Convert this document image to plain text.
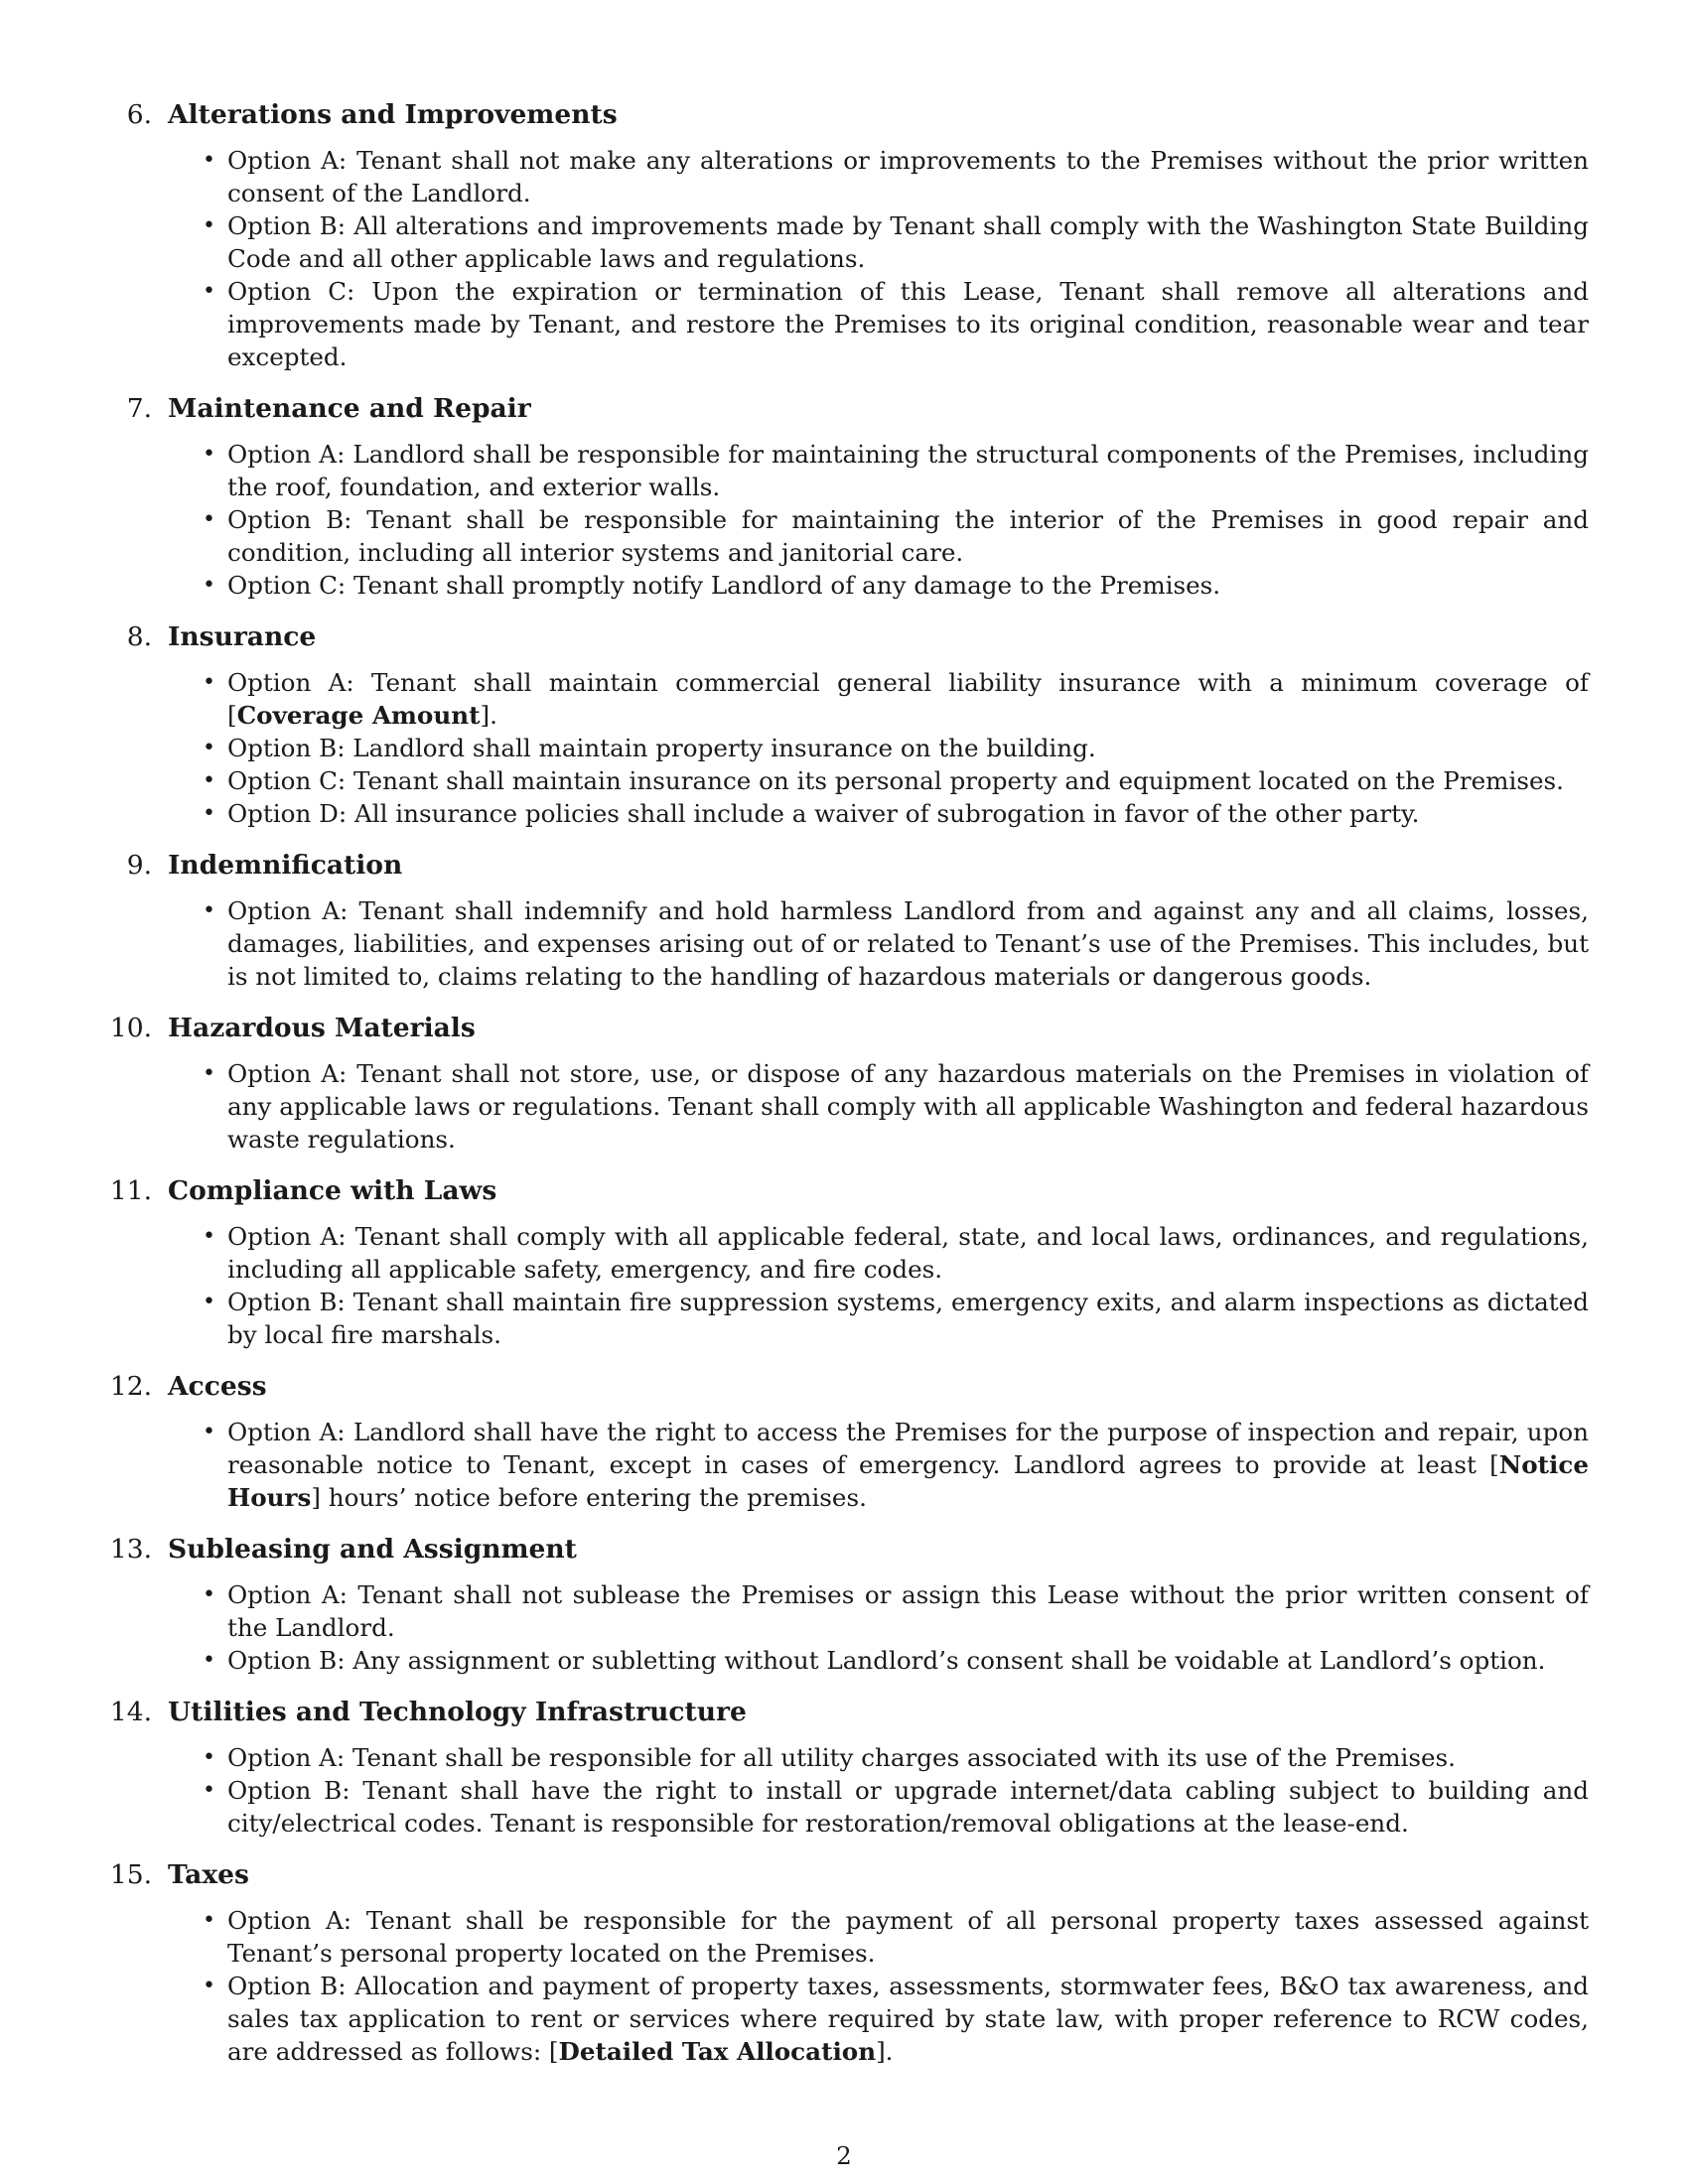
6. Alterations and Improvements
• Option A: Tenant shall not make any alterations or improvements to the Premises without the prior written consent of the Landlord.
• Option B: All alterations and improvements made by Tenant shall comply with the Washington State Building Code and all other applicable laws and regulations.
• Option C: Upon the expiration or termination of this Lease, Tenant shall remove all alterations and improvements made by Tenant, and restore the Premises to its original condition, reasonable wear and tear excepted.
7. Maintenance and Repair
• Option A: Landlord shall be responsible for maintaining the structural components of the Premises, including the roof, foundation, and exterior walls.
• Option B: Tenant shall be responsible for maintaining the interior of the Premises in good repair and condition, including all interior systems and janitorial care.
• Option C: Tenant shall promptly notify Landlord of any damage to the Premises.
8. Insurance
• Option A: Tenant shall maintain commercial general liability insurance with a minimum coverage of [Coverage Amount].
• Option B: Landlord shall maintain property insurance on the building.
• Option C: Tenant shall maintain insurance on its personal property and equipment located on the Premises.
• Option D: All insurance policies shall include a waiver of subrogation in favor of the other party.
9. Indemnification
• Option A: Tenant shall indemnify and hold harmless Landlord from and against any and all claims, losses, damages, liabilities, and expenses arising out of or related to Tenant’s use of the Premises. This includes, but is not limited to, claims relating to the handling of hazardous materials or dangerous goods.
10. Hazardous Materials
• Option A: Tenant shall not store, use, or dispose of any hazardous materials on the Premises in violation of any applicable laws or regulations. Tenant shall comply with all applicable Washington and federal hazardous waste regulations.
11. Compliance with Laws
• Option A: Tenant shall comply with all applicable federal, state, and local laws, ordinances, and regulations, including all applicable safety, emergency, and fire codes.
• Option B: Tenant shall maintain fire suppression systems, emergency exits, and alarm inspections as dictated by local fire marshals.
12. Access
• Option A: Landlord shall have the right to access the Premises for the purpose of inspection and repair, upon reasonable notice to Tenant, except in cases of emergency. Landlord agrees to provide at least [Notice Hours] hours’ notice before entering the premises.
13. Subleasing and Assignment
• Option A: Tenant shall not sublease the Premises or assign this Lease without the prior written consent of the Landlord.
• Option B: Any assignment or subletting without Landlord’s consent shall be voidable at Landlord’s option.
14. Utilities and Technology Infrastructure
• Option A: Tenant shall be responsible for all utility charges associated with its use of the Premises.
• Option B: Tenant shall have the right to install or upgrade internet/data cabling subject to building and city/electrical codes. Tenant is responsible for restoration/removal obligations at the lease-end.
15. Taxes
• Option A: Tenant shall be responsible for the payment of all personal property taxes assessed against Tenant’s personal property located on the Premises.
• Option B: Allocation and payment of property taxes, assessments, stormwater fees, B&O tax awareness, and sales tax application to rent or services where required by state law, with proper reference to RCW codes, are addressed as follows: [Detailed Tax Allocation].
2
